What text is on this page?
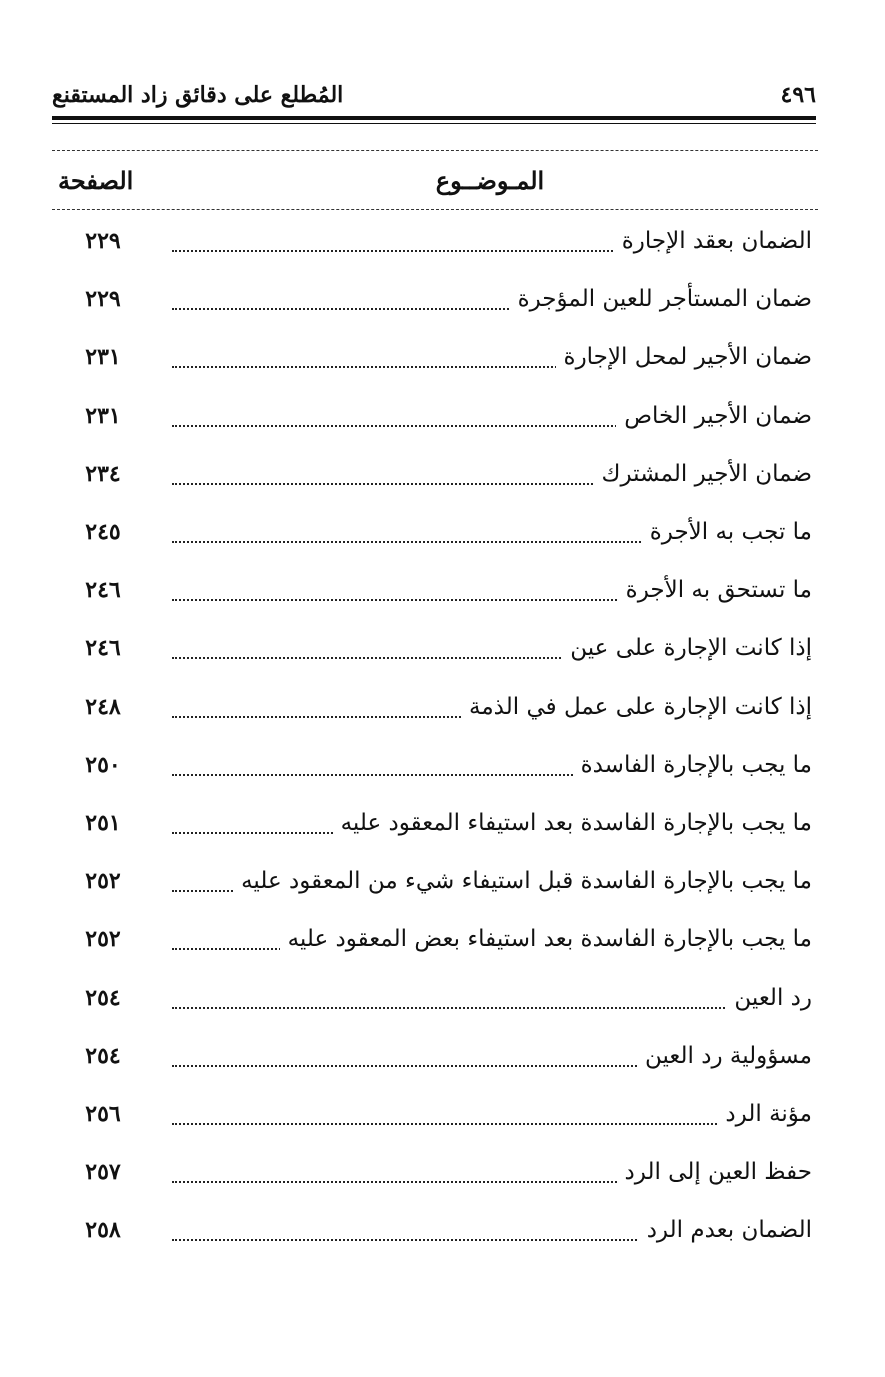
المُطلع على دقائق زاد المستقنع	٤٩٦
المـوضــوع
الصفحة
الضمان بعقد الإجارة
٢٢٩
ضمان المستأجر للعين المؤجرة
٢٢٩
ضمان الأجير لمحل الإجارة
٢٣١
ضمان الأجير الخاص
٢٣١
ضمان الأجير المشترك
٢٣٤
ما تجب به الأجرة
٢٤٥
ما تستحق به الأجرة
٢٤٦
إذا كانت الإجارة على عين
٢٤٦
إذا كانت الإجارة على عمل في الذمة
٢٤٨
ما يجب بالإجارة الفاسدة
٢٥٠
ما يجب بالإجارة الفاسدة بعد استيفاء المعقود عليه
٢٥١
ما يجب بالإجارة الفاسدة قبل استيفاء شيء من المعقود عليه
٢٥٢
ما يجب بالإجارة الفاسدة بعد استيفاء بعض المعقود عليه
٢٥٢
رد العين
٢٥٤
مسؤولية رد العين
٢٥٤
مؤنة الرد
٢٥٦
حفظ العين إلى الرد
٢٥٧
الضمان بعدم الرد
٢٥٨
